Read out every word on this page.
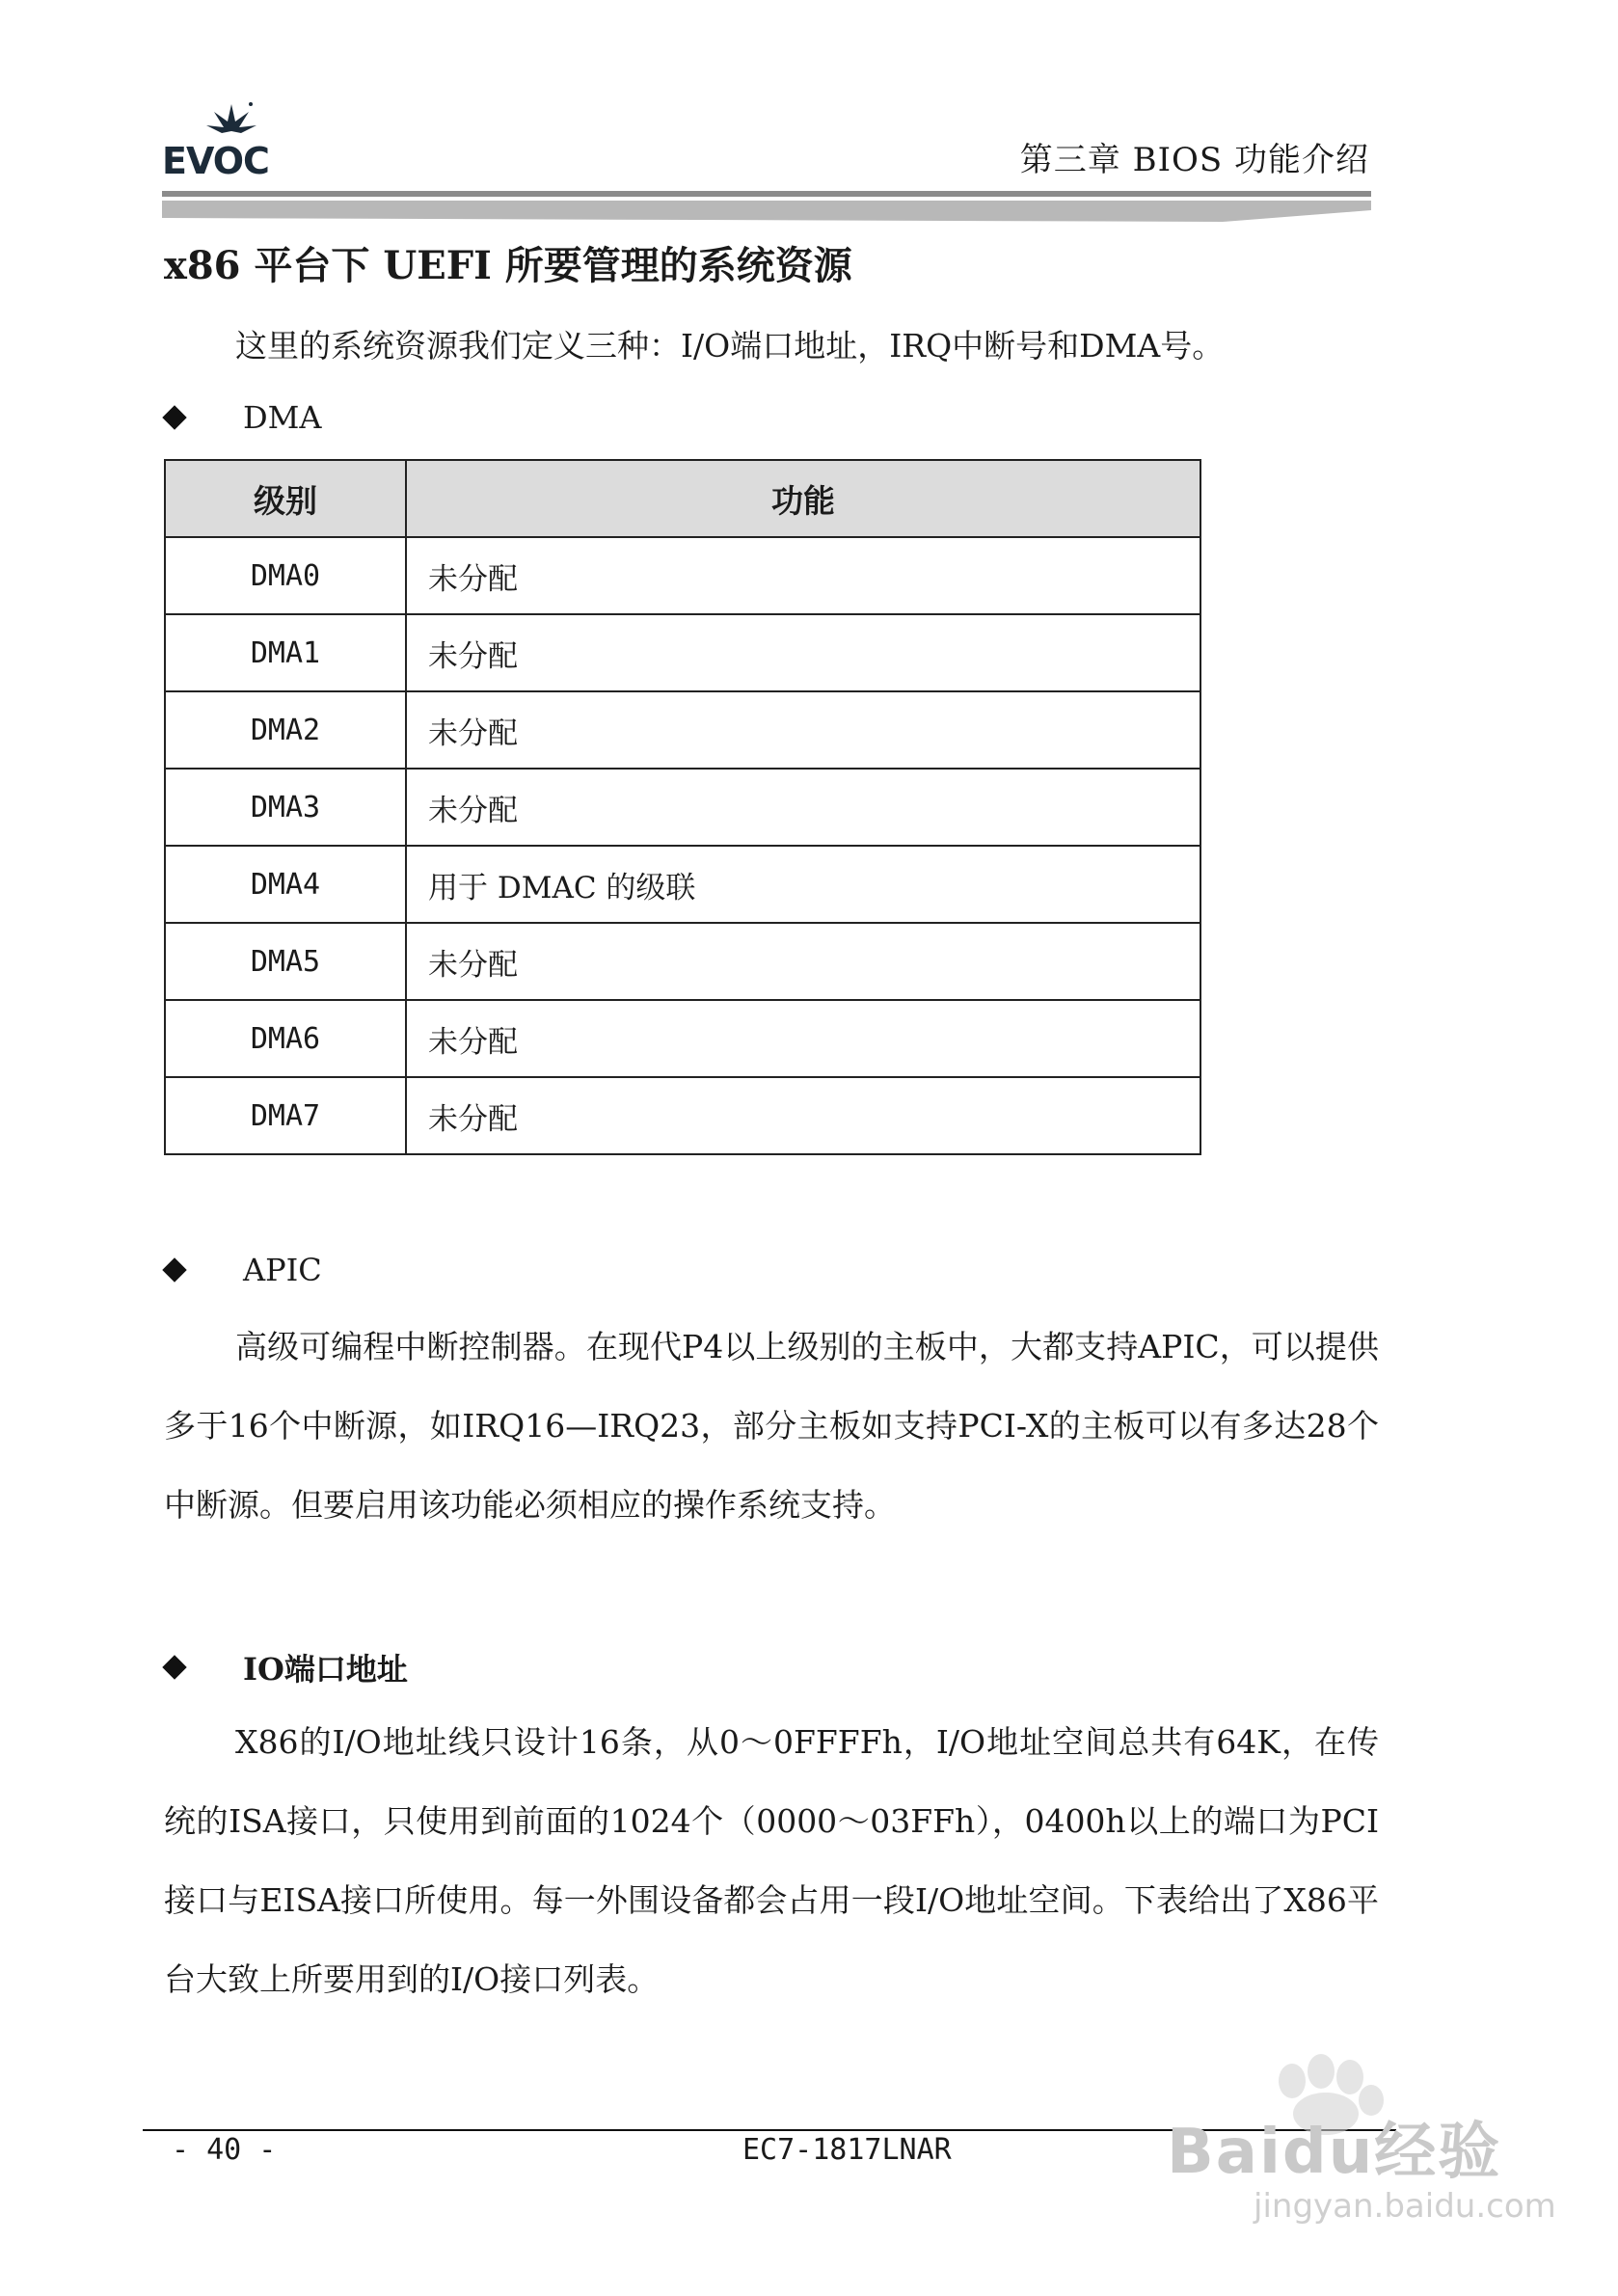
EVOC	第三章 BIOS 功能介绍
x86 平台下 UEFI 所要管理的系统资源
这里的系统资源我们定义三种：I/O端口地址，IRQ中断号和DMA号。
DMA
级别	功能
DMA0	未分配
DMA1	未分配
DMA2	未分配
DMA3	未分配
DMA4	用于 DMAC 的级联
DMA5	未分配
DMA6	未分配
DMA7	未分配
APIC
高级可编程中断控制器。在现代P4以上级别的主板中，大都支持APIC，可以提供多于16个中断源，如IRQ16—IRQ23，部分主板如支持PCI-X的主板可以有多达28个中断源。但要启用该功能必须相应的操作系统支持。
IO端口地址
X86的I/O地址线只设计16条，从0～0FFFFh，I/O地址空间总共有64K，在传统的ISA接口，只使用到前面的1024个（0000～03FFh），0400h以上的端口为PCI接口与EISA接口所使用。每一外围设备都会占用一段I/O地址空间。下表给出了X86平台大致上所要用到的I/O接口列表。
- 40 -	EC7-1817LNAR	Baidu经验
jingyan.baidu.com
